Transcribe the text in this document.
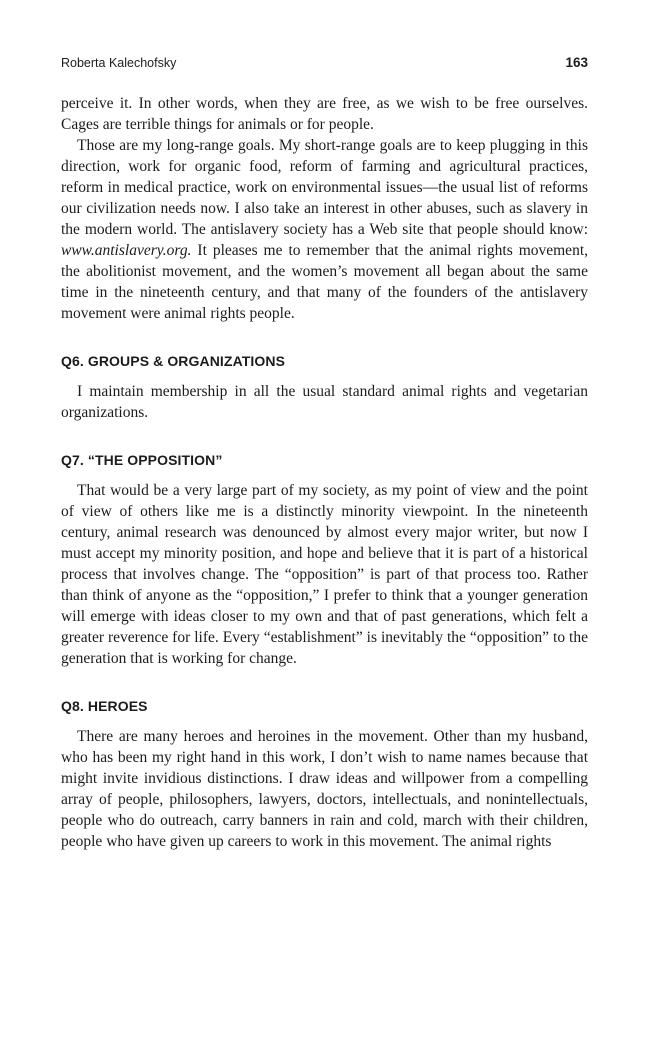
Roberta Kalechofsky	163

perceive it. In other words, when they are free, as we wish to be free ourselves. Cages are terrible things for animals or for people.

Those are my long-range goals. My short-range goals are to keep plugging in this direction, work for organic food, reform of farming and agricultural practices, reform in medical practice, work on environmental issues—the usual list of reforms our civilization needs now. I also take an interest in other abuses, such as slavery in the modern world. The antislavery society has a Web site that people should know: www.antislavery.org. It pleases me to remember that the animal rights movement, the abolitionist movement, and the women’s movement all began about the same time in the nineteenth century, and that many of the founders of the antislavery movement were animal rights people.

Q6. GROUPS & ORGANIZATIONS

I maintain membership in all the usual standard animal rights and vegetarian organizations.

Q7. “THE OPPOSITION”

That would be a very large part of my society, as my point of view and the point of view of others like me is a distinctly minority viewpoint. In the nineteenth century, animal research was denounced by almost every major writer, but now I must accept my minority position, and hope and believe that it is part of a historical process that involves change. The “opposition” is part of that process too. Rather than think of anyone as the “opposition,” I prefer to think that a younger generation will emerge with ideas closer to my own and that of past generations, which felt a greater reverence for life. Every “establishment” is inevitably the “opposition” to the generation that is working for change.

Q8. HEROES

There are many heroes and heroines in the movement. Other than my husband, who has been my right hand in this work, I don’t wish to name names because that might invite invidious distinctions. I draw ideas and willpower from a compelling array of people, philosophers, lawyers, doctors, intellectuals, and nonintellectuals, people who do outreach, carry banners in rain and cold, march with their children, people who have given up careers to work in this movement. The animal rights
